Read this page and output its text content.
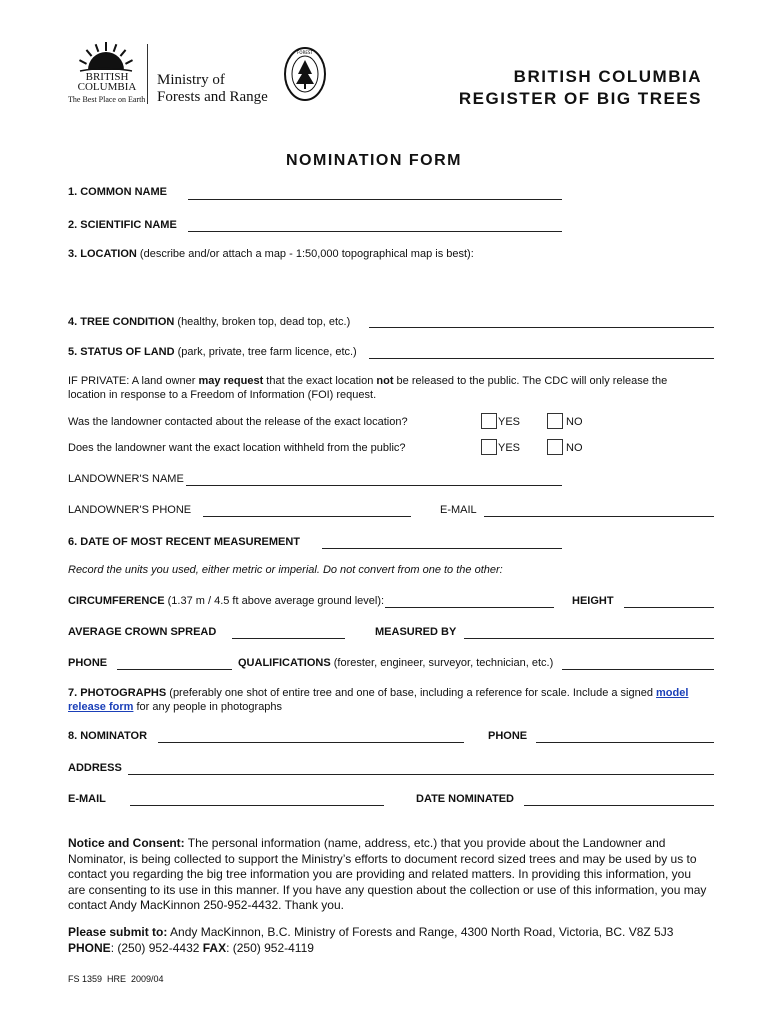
BRITISH
COLUMBIA
The Best Place on Earth
Ministry of
Forests and Range
FOREST
BRITISH COLUMBIA
REGISTER OF BIG TREES
NOMINATION FORM
1. COMMON NAME
2. SCIENTIFIC NAME
3. LOCATION (describe and/or attach a map - 1:50,000 topographical map is best):
4. TREE CONDITION (healthy, broken top, dead top, etc.)
5. STATUS OF LAND (park, private, tree farm licence, etc.)
IF PRIVATE: A land owner may request that the exact location not be released to the public. The CDC will only release the
location in response to a Freedom of Information (FOI) request.
Was the landowner contacted about the release of the exact location?	YES	NO
Does the landowner want the exact location withheld from the public?	YES	NO
LANDOWNER'S NAME
LANDOWNER'S PHONE	E-MAIL
6. DATE OF MOST RECENT MEASUREMENT
Record the units you used, either metric or imperial. Do not convert from one to the other:
CIRCUMFERENCE (1.37 m / 4.5 ft above average ground level):	HEIGHT
AVERAGE CROWN SPREAD	MEASURED BY
PHONE	QUALIFICATIONS (forester, engineer, surveyor, technician, etc.)
7. PHOTOGRAPHS (preferably one shot of entire tree and one of base, including a reference for scale. Include a signed model
release form for any people in photographs
8. NOMINATOR	PHONE
ADDRESS
E-MAIL	DATE NOMINATED
Notice and Consent: The personal information (name, address, etc.) that you provide about the Landowner and Nominator, is being collected to support the Ministry’s efforts to document record sized trees and may be used by us to contact you regarding the big tree information you are providing and related matters. In providing this information, you are consenting to its use in this manner. If you have any question about the collection or use of this information, you may contact Andy MacKinnon 250-952-4432. Thank you.
Please submit to: Andy MacKinnon, B.C. Ministry of Forests and Range, 4300 North Road, Victoria, BC. V8Z 5J3
PHONE: (250) 952-4432 FAX: (250) 952-4119
FS 1359  HRE  2009/04
